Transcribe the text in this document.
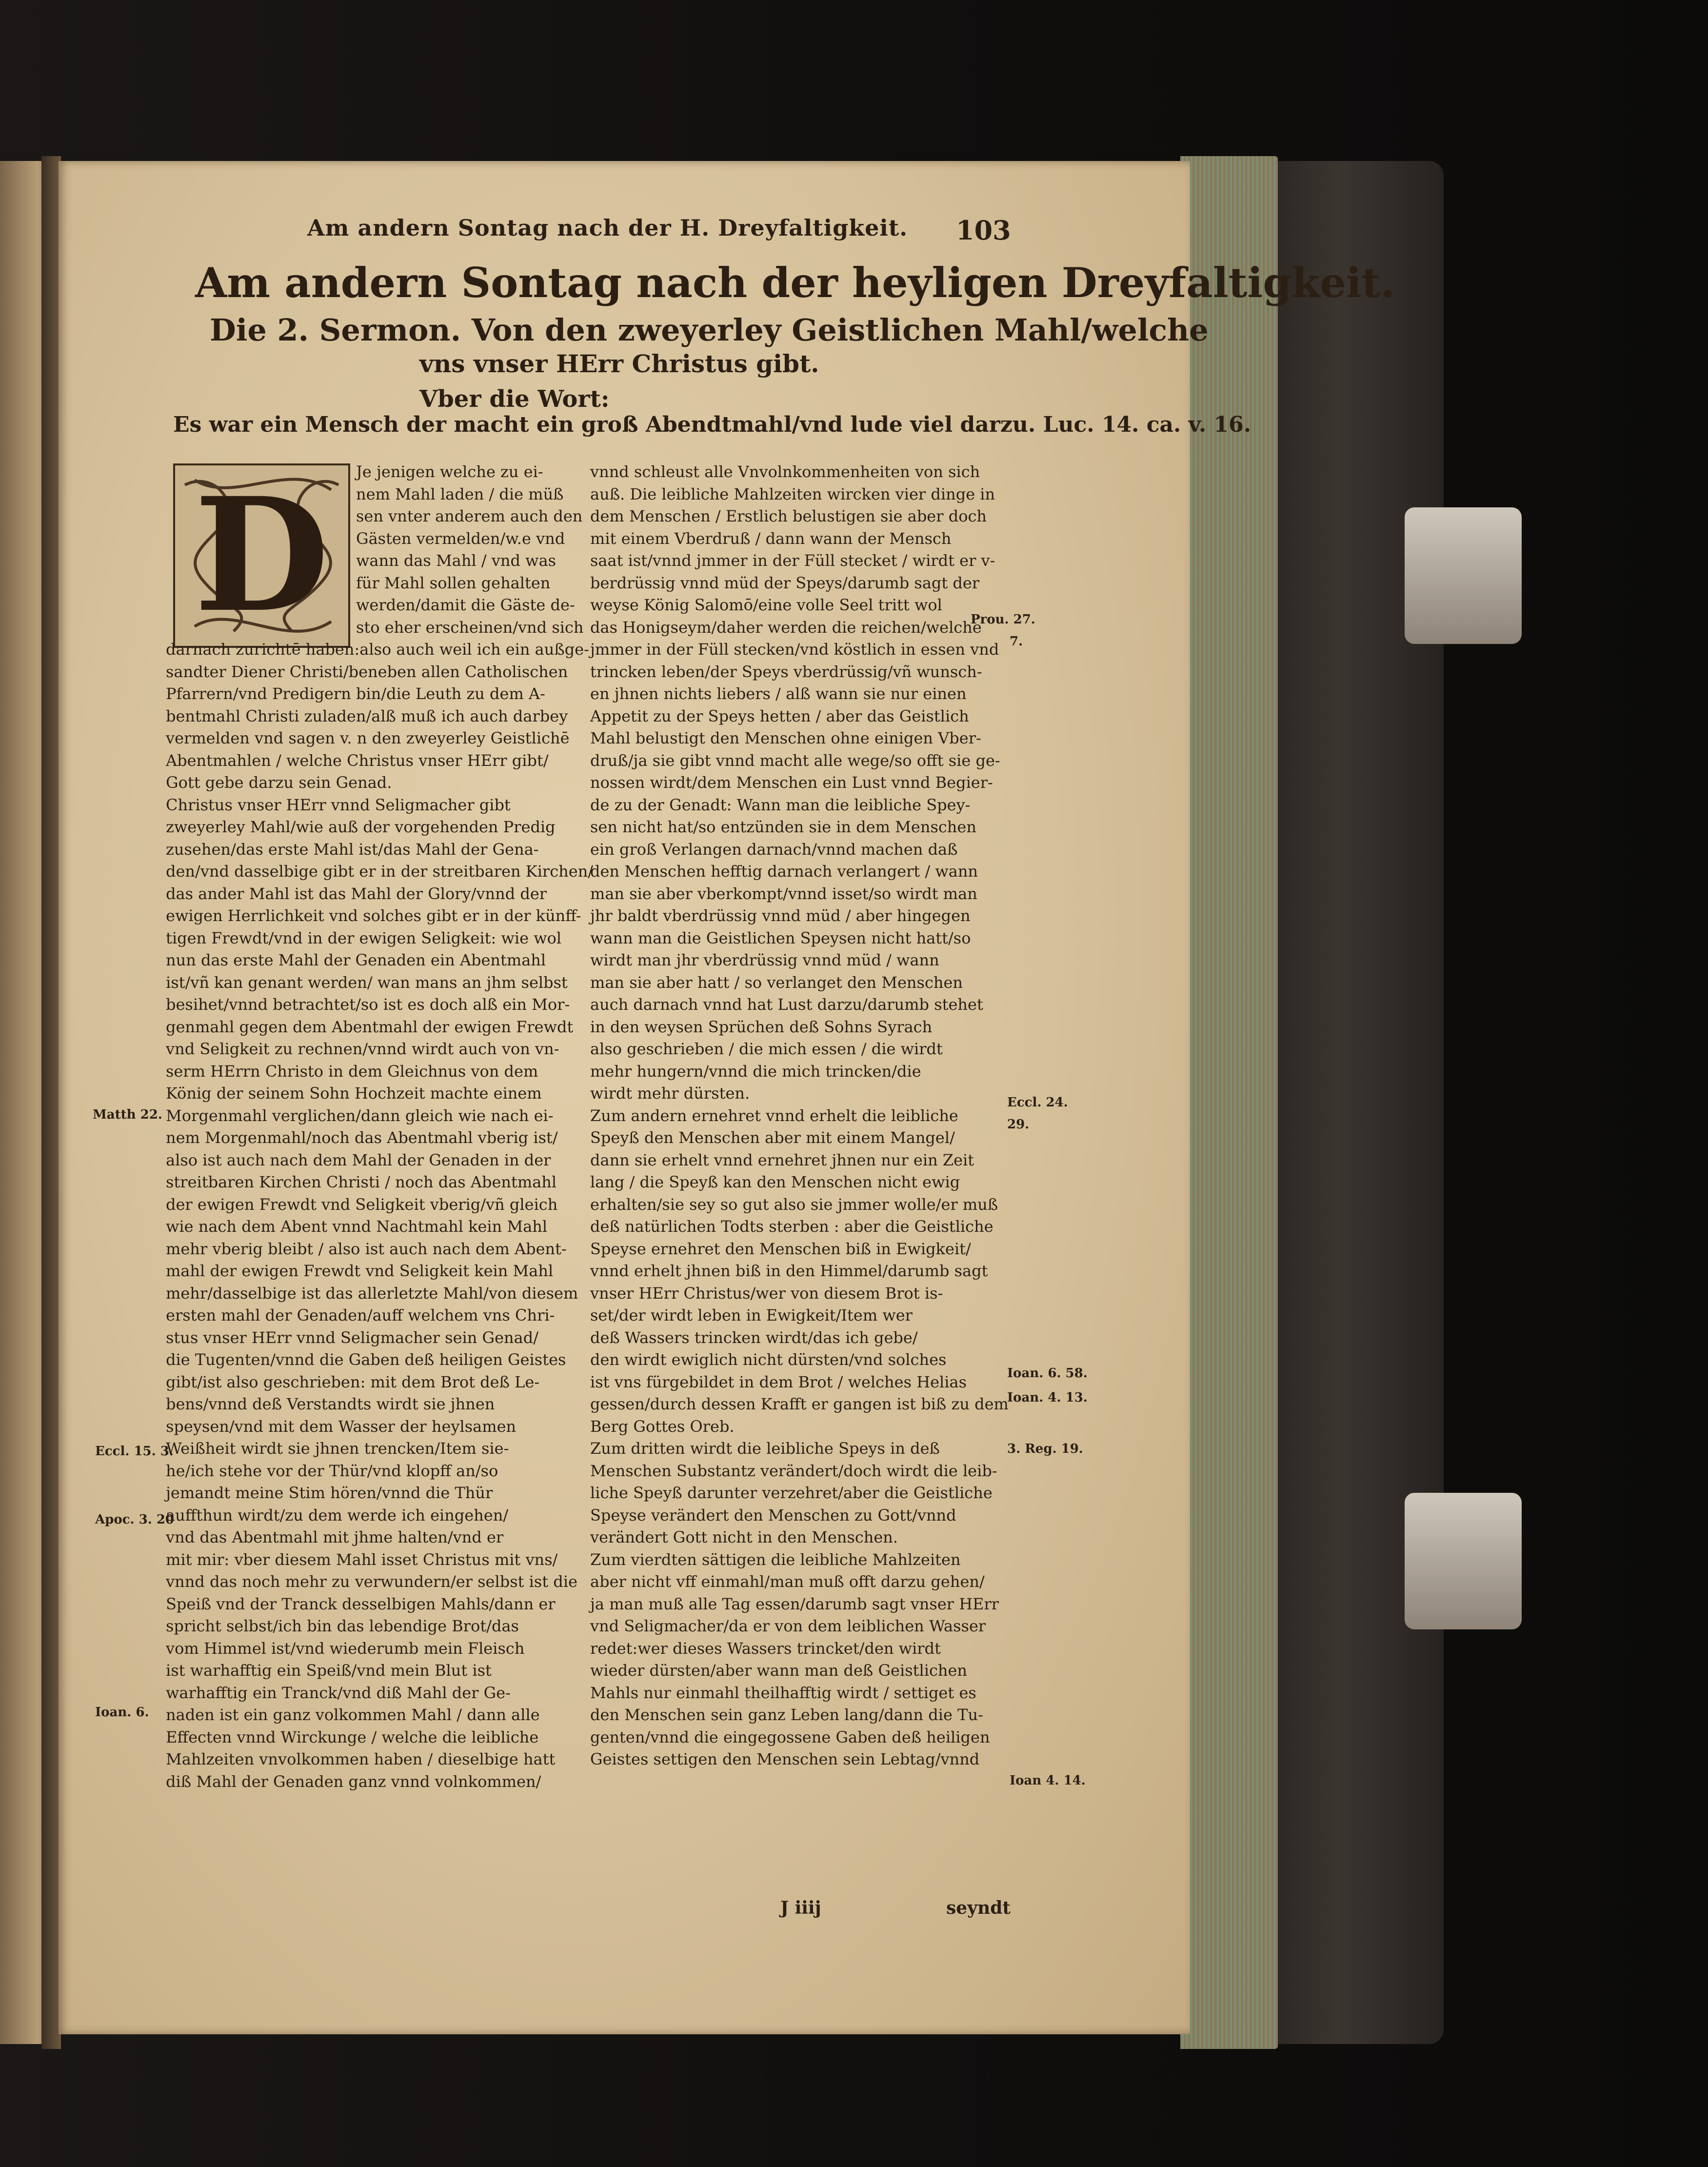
Am andern Sontag nach der H. Dreyfaltigkeit. 103
Am andern Sontag nach der heyligen Dreyfaltigkeit.
Die 2. Sermon. Von den zweyerley Geistlichen Mahl/welche
vns vnser HErr Christus gibt.
Vber die Wort:
Es war ein Mensch der macht ein groß Abendtmahl/vnd lude viel darzu. Luc. 14. ca. v. 16.
D	Je jenigen welche zu ei-
nem Mahl laden / die müß
sen vnter anderem auch den
Gästen vermelden/w.e vnd
wann das Mahl / vnd was
für Mahl sollen gehalten
werden/damit die Gäste de-
sto eher erscheinen/vnd sich
darnach zurichtē haben:also auch weil ich ein außge-
sandter Diener Christi/beneben allen Catholischen
Pfarrern/vnd Predigern bin/die Leuth zu dem A-
bentmahl Christi zuladen/alß muß ich auch darbey
vermelden vnd sagen v. n den zweyerley Geistlichē
Abentmahlen / welche Christus vnser HErr gibt/
Gott gebe darzu sein Genad.
Christus vnser HErr vnnd Seligmacher gibt
zweyerley Mahl/wie auß der vorgehenden Predig
zusehen/das erste Mahl ist/das Mahl der Gena-
den/vnd dasselbige gibt er in der streitbaren Kirchen/
das ander Mahl ist das Mahl der Glory/vnnd der
ewigen Herrlichkeit vnd solches gibt er in der künff-
tigen Frewdt/vnd in der ewigen Seligkeit: wie wol
nun das erste Mahl der Genaden ein Abentmahl
ist/vñ kan genant werden/ wan mans an jhm selbst
besihet/vnnd betrachtet/so ist es doch alß ein Mor-
genmahl gegen dem Abentmahl der ewigen Frewdt
vnd Seligkeit zu rechnen/vnnd wirdt auch von vn-
serm HErrn Christo in dem Gleichnus von dem
König der seinem Sohn Hochzeit machte einem
Morgenmahl verglichen/dann gleich wie nach ei-
nem Morgenmahl/noch das Abentmahl vberig ist/
also ist auch nach dem Mahl der Genaden in der
streitbaren Kirchen Christi / noch das Abentmahl
der ewigen Frewdt vnd Seligkeit vberig/vñ gleich
wie nach dem Abent vnnd Nachtmahl kein Mahl
mehr vberig bleibt / also ist auch nach dem Abent-
mahl der ewigen Frewdt vnd Seligkeit kein Mahl
mehr/dasselbige ist das allerletzte Mahl/von diesem
ersten mahl der Genaden/auff welchem vns Chri-
stus vnser HErr vnnd Seligmacher sein Genad/
die Tugenten/vnnd die Gaben deß heiligen Geistes
gibt/ist also geschrieben: mit dem Brot deß Le-
bens/vnnd deß Verstandts wirdt sie jhnen
speysen/vnd mit dem Wasser der heylsamen
Weißheit wirdt sie jhnen trencken/Item sie-
he/ich stehe vor der Thür/vnd klopff an/so
jemandt meine Stim hören/vnnd die Thür
auffthun wirdt/zu dem werde ich eingehen/
vnd das Abentmahl mit jhme halten/vnd er
mit mir: vber diesem Mahl isset Christus mit vns/
vnnd das noch mehr zu verwundern/er selbst ist die
Speiß vnd der Tranck desselbigen Mahls/dann er
spricht selbst/ich bin das lebendige Brot/das
vom Himmel ist/vnd wiederumb mein Fleisch
ist warhafftig ein Speiß/vnd mein Blut ist
warhafftig ein Tranck/vnd diß Mahl der Ge-
naden ist ein ganz volkommen Mahl / dann alle
Effecten vnnd Wirckunge / welche die leibliche
Mahlzeiten vnvolkommen haben / dieselbige hatt
diß Mahl der Genaden ganz vnnd volnkommen/
vnnd schleust alle Vnvolnkommenheiten von sich
auß. Die leibliche Mahlzeiten wircken vier dinge in
dem Menschen / Erstlich belustigen sie aber doch
mit einem Vberdruß / dann wann der Mensch
saat ist/vnnd jmmer in der Füll stecket / wirdt er v-
berdrüssig vnnd müd der Speys/darumb sagt der
weyse König Salomō/eine volle Seel tritt wol
das Honigseym/daher werden die reichen/welche
jmmer in der Füll stecken/vnd köstlich in essen vnd
trincken leben/der Speys vberdrüssig/vñ wunsch-
en jhnen nichts liebers / alß wann sie nur einen
Appetit zu der Speys hetten / aber das Geistlich
Mahl belustigt den Menschen ohne einigen Vber-
druß/ja sie gibt vnnd macht alle wege/so offt sie ge-
nossen wirdt/dem Menschen ein Lust vnnd Begier-
de zu der Genadt: Wann man die leibliche Spey-
sen nicht hat/so entzünden sie in dem Menschen
ein groß Verlangen darnach/vnnd machen daß
den Menschen hefftig darnach verlangert / wann
man sie aber vberkompt/vnnd isset/so wirdt man
jhr baldt vberdrüssig vnnd müd / aber hingegen
wann man die Geistlichen Speysen nicht hatt/so
wirdt man jhr vberdrüssig vnnd müd / wann
man sie aber hatt / so verlanget den Menschen
auch darnach vnnd hat Lust darzu/darumb stehet
in den weysen Sprüchen deß Sohns Syrach
also geschrieben / die mich essen / die wirdt
mehr hungern/vnnd die mich trincken/die
wirdt mehr dürsten.
Zum andern ernehret vnnd erhelt die leibliche
Speyß den Menschen aber mit einem Mangel/
dann sie erhelt vnnd ernehret jhnen nur ein Zeit
lang / die Speyß kan den Menschen nicht ewig
erhalten/sie sey so gut also sie jmmer wolle/er muß
deß natürlichen Todts sterben : aber die Geistliche
Speyse ernehret den Menschen biß in Ewigkeit/
vnnd erhelt jhnen biß in den Himmel/darumb sagt
vnser HErr Christus/wer von diesem Brot is-
set/der wirdt leben in Ewigkeit/Item wer
deß Wassers trincken wirdt/das ich gebe/
den wirdt ewiglich nicht dürsten/vnd solches
ist vns fürgebildet in dem Brot / welches Helias
gessen/durch dessen Krafft er gangen ist biß zu dem
Berg Gottes Oreb.
Zum dritten wirdt die leibliche Speys in deß
Menschen Substantz verändert/doch wirdt die leib-
liche Speyß darunter verzehret/aber die Geistliche
Speyse verändert den Menschen zu Gott/vnnd
verändert Gott nicht in den Menschen.
Zum vierdten sättigen die leibliche Mahlzeiten
aber nicht vff einmahl/man muß offt darzu gehen/
ja man muß alle Tag essen/darumb sagt vnser HErr
vnd Seligmacher/da er von dem leiblichen Wasser
redet:wer dieses Wassers trincket/den wirdt
wieder dürsten/aber wann man deß Geistlichen
Mahls nur einmahl theilhafftig wirdt / settiget es
den Menschen sein ganz Leben lang/dann die Tu-
genten/vnnd die eingegossene Gaben deß heiligen
Geistes settigen den Menschen sein Lebtag/vnnd
Prou. 27.
7.
Matth 22.
Eccl. 24.
29.
Ioan. 6. 58.
Ioan. 4. 13.
3. Reg. 19.
Eccl. 15. 3.
Apoc. 3. 20
Ioan. 6.
Ioan 4. 14.
J iiij	seyndt
